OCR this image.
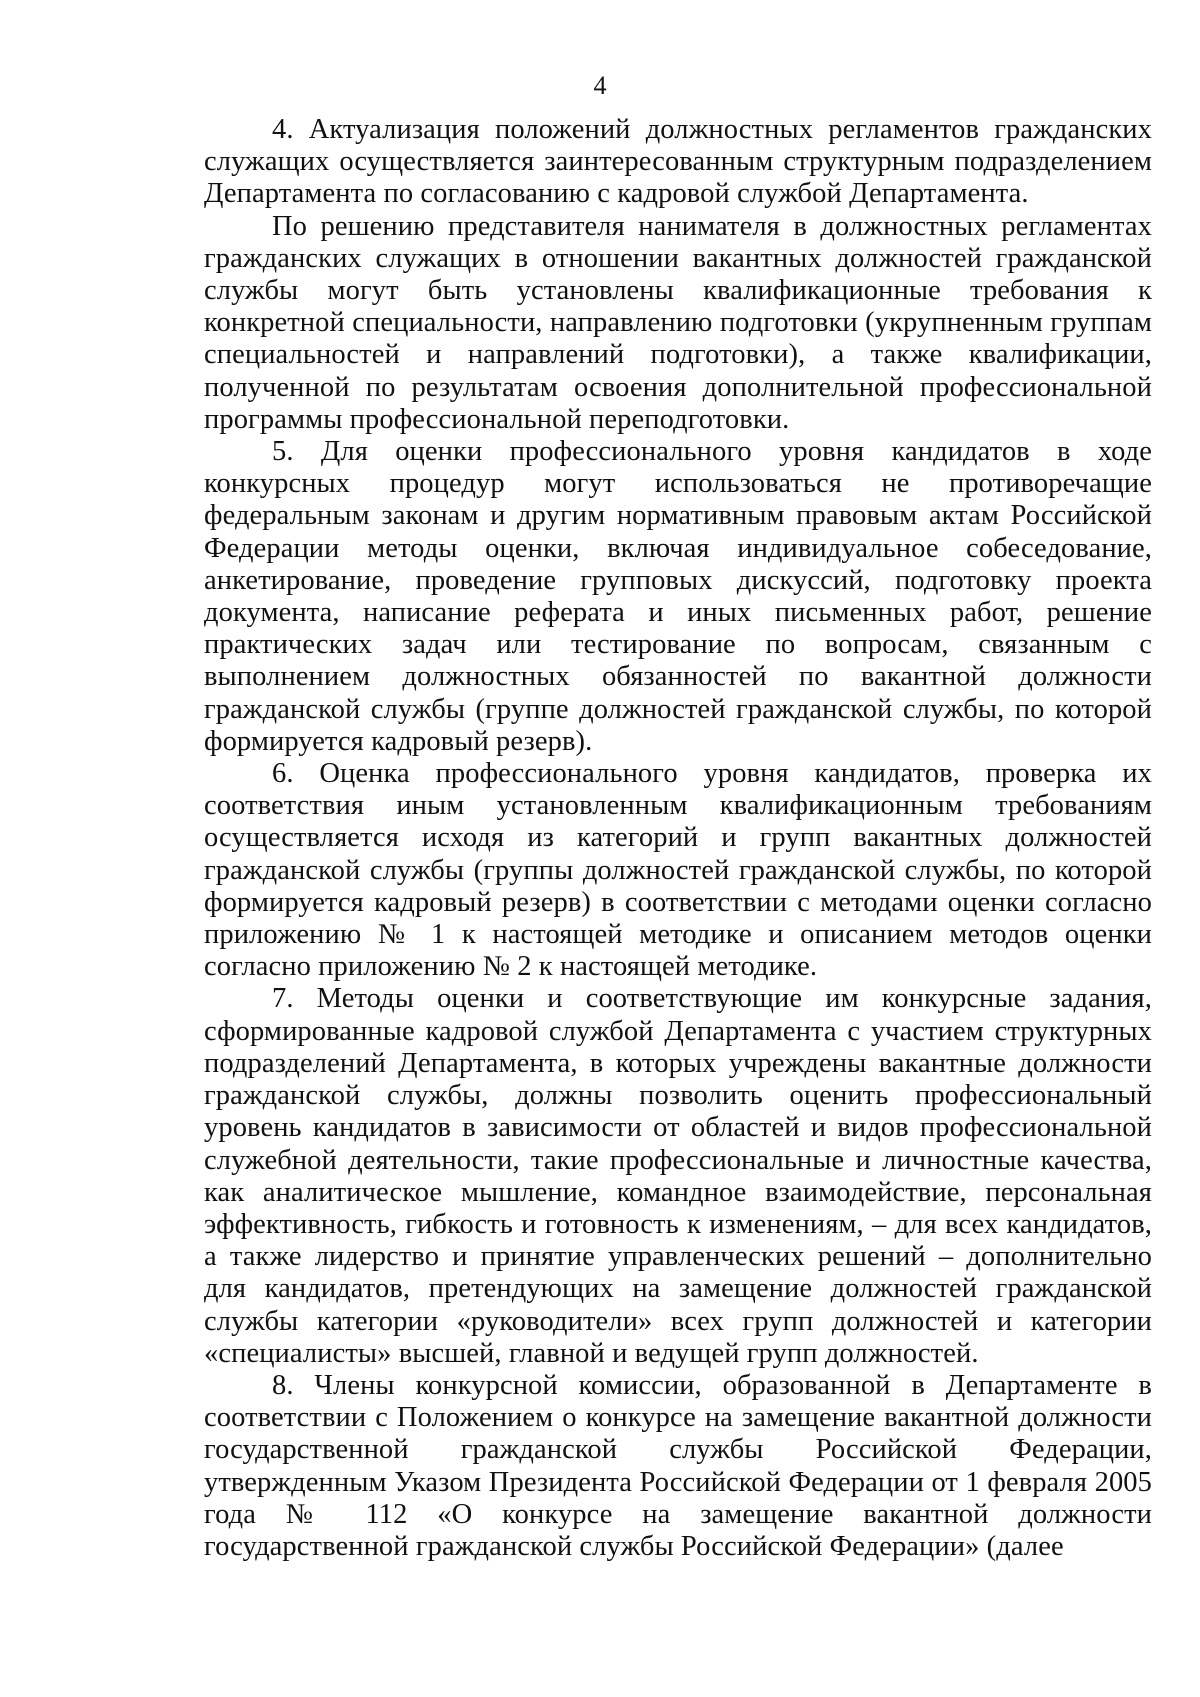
4

4. Актуализация положений должностных регламентов гражданских служащих осуществляется заинтересованным структурным подразделением Департамента по согласованию с кадровой службой Департамента.

По решению представителя нанимателя в должностных регламентах гражданских служащих в отношении вакантных должностей гражданской службы могут быть установлены квалификационные требования к конкретной специальности, направлению подготовки (укрупненным группам специальностей и направлений подготовки), а также квалификации, полученной по результатам освоения дополнительной профессиональной программы профессиональной переподготовки.

5. Для оценки профессионального уровня кандидатов в ходе конкурсных процедур могут использоваться не противоречащие федеральным законам и другим нормативным правовым актам Российской Федерации методы оценки, включая индивидуальное собеседование, анкетирование, проведение групповых дискуссий, подготовку проекта документа, написание реферата и иных письменных работ, решение практических задач или тестирование по вопросам, связанным с выполнением должностных обязанностей по вакантной должности гражданской службы (группе должностей гражданской службы, по которой формируется кадровый резерв).

6. Оценка профессионального уровня кандидатов, проверка их соответствия иным установленным квалификационным требованиям осуществляется исходя из категорий и групп вакантных должностей гражданской службы (группы должностей гражданской службы, по которой формируется кадровый резерв) в соответствии с методами оценки согласно приложению № 1 к настоящей методике и описанием методов оценки согласно приложению № 2 к настоящей методике.

7. Методы оценки и соответствующие им конкурсные задания, сформированные кадровой службой Департамента с участием структурных подразделений Департамента, в которых учреждены вакантные должности гражданской службы, должны позволить оценить профессиональный уровень кандидатов в зависимости от областей и видов профессиональной служебной деятельности, такие профессиональные и личностные качества, как аналитическое мышление, командное взаимодействие, персональная эффективность, гибкость и готовность к изменениям, – для всех кандидатов, а также лидерство и принятие управленческих решений – дополнительно для кандидатов, претендующих на замещение должностей гражданской службы категории «руководители» всех групп должностей и категории «специалисты» высшей, главной и ведущей групп должностей.

8. Члены конкурсной комиссии, образованной в Департаменте в соответствии с Положением о конкурсе на замещение вакантной должности государственной гражданской службы Российской Федерации, утвержденным Указом Президента Российской Федерации от 1 февраля 2005 года № 112 «О конкурсе на замещение вакантной должности государственной гражданской службы Российской Федерации» (далее
